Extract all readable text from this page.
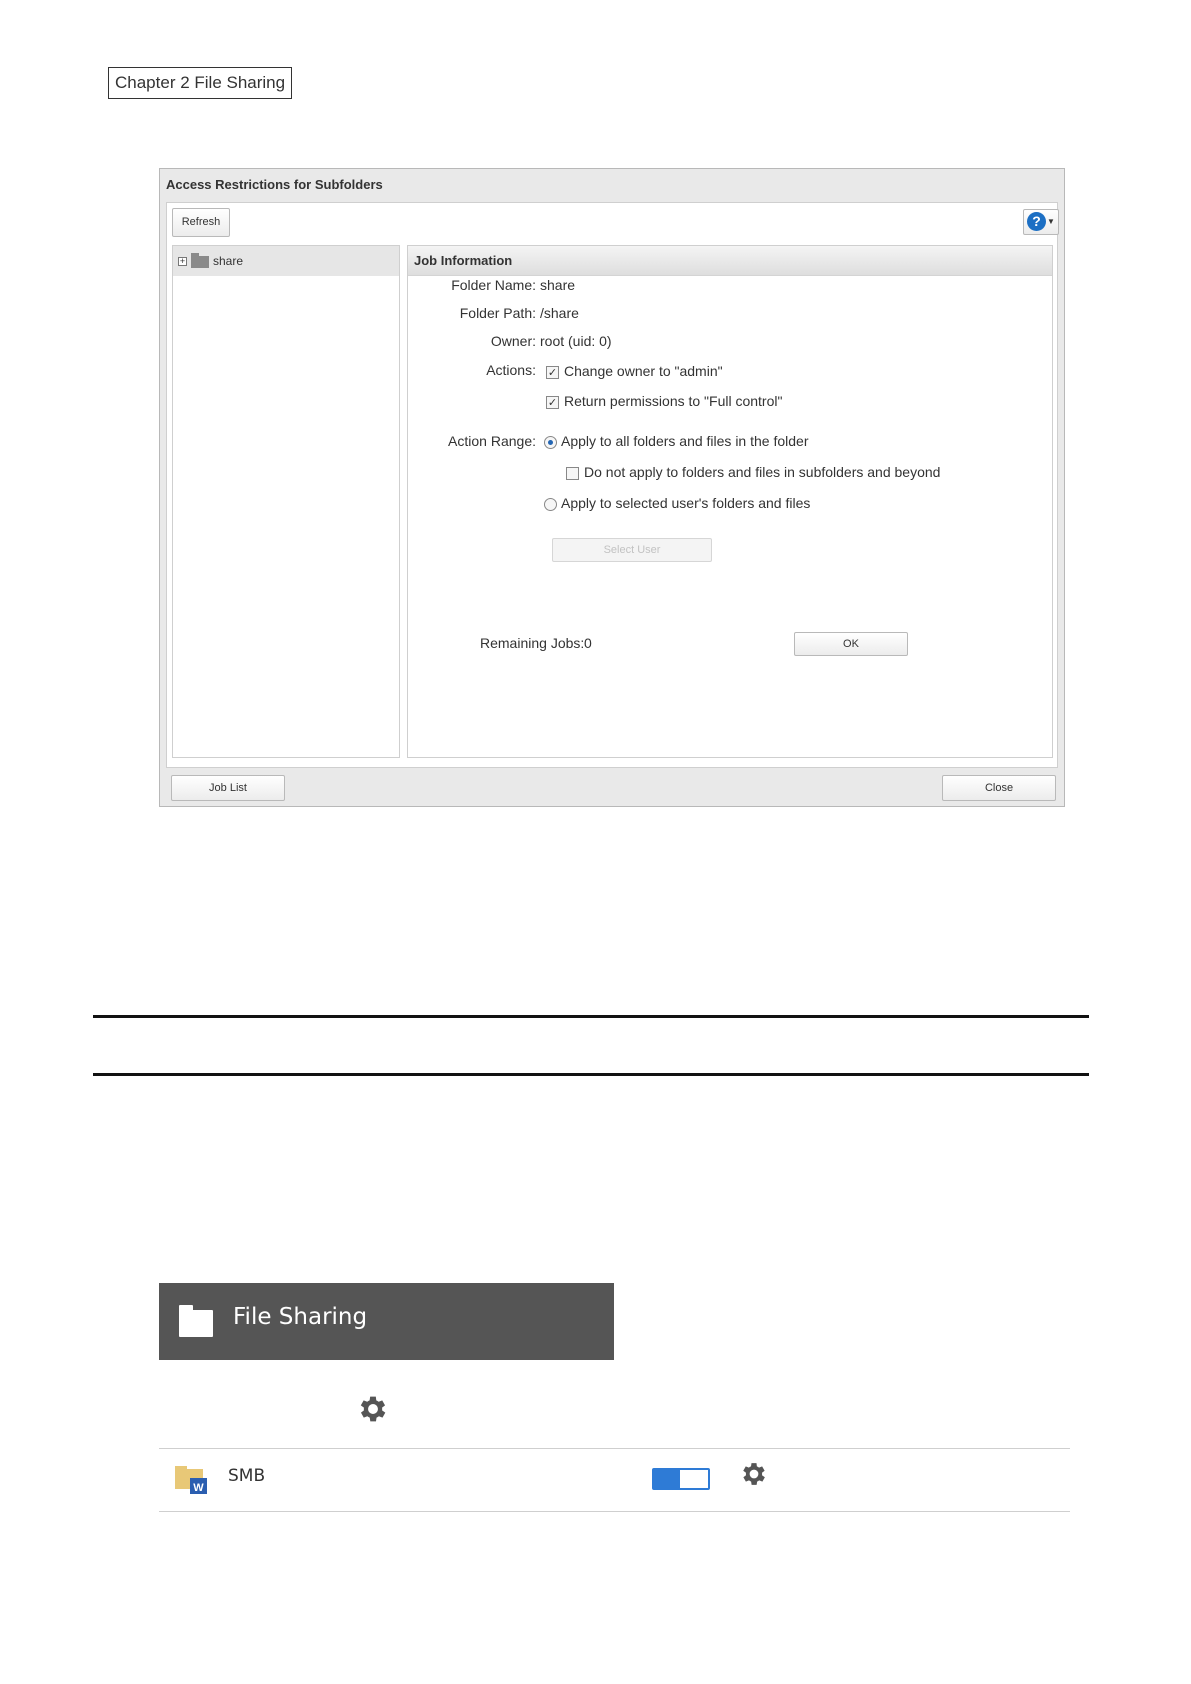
Chapter 2 File Sharing
Access Restrictions for Subfolders
Refresh	? ▼
+ share	Job Information
Folder Name: share
Folder Path: /share
Owner: root (uid: 0)
Actions: ✓ Change owner to "admin"
✓ Return permissions to "Full control"
Action Range: Apply to all folders and files in the folder
Do not apply to folders and files in subfolders and beyond
Apply to selected user's folders and files
Select User
Remaining Jobs: 0	OK
Job List	Close
File Sharing
W
SMB
